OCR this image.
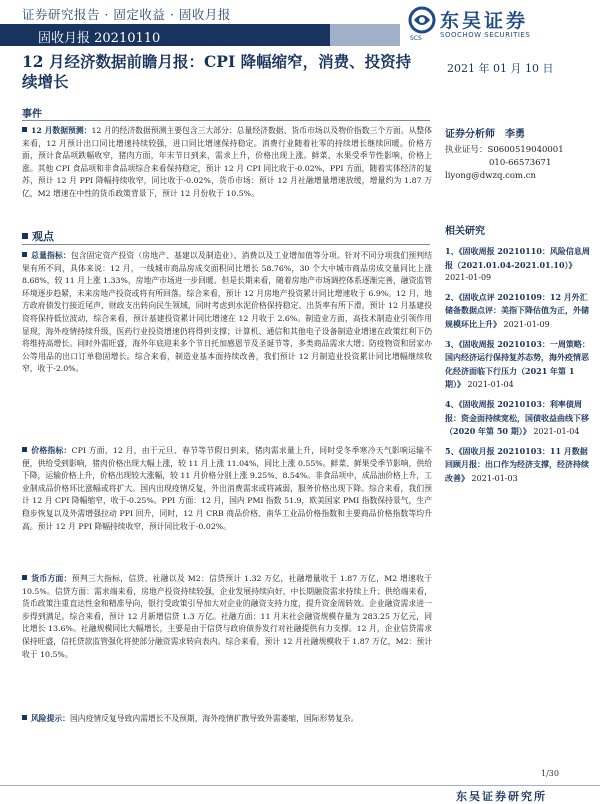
证券研究报告 · 固定收益 · 固收月报
固收月报 20210110	SCS
东吴证券
SOOCHOW SECURITIES
12 月经济数据前瞻月报：CPI 降幅缩窄，消费、投资持续增长
2021 年 01 月 10 日
事件
12 月数据预测：12 月的经济数据预测主要包含三大部分：总量经济数据、货币市场以及物价指数三个方面。从整体来看，12 月预计出口同比增速持续较强，进口同比增速保持稳定。消费行业随着社零的持续增长继续回暖。价格方面，预计食品项跌幅收窄，猪肉方面，年末节日到来，需求上升，价格出现上涨。鲜菜、水果受季节性影响，价格上涨。其他 CPI 食品项和非食品项综合来看保持稳定，预计 12 月 CPI 同比收于-0.02%，PPI 方面，随着实体经济的复苏，预计 12 月 PPI 降幅持续收窄，同比收于-0.02%，货币市场：预计 12 月社融增量增速放缓，增量约为 1.87 万亿，M2 增速在中性的货币政策背景下，预计 12 月份收于 10.5%。
观点
总量指标：包含固定资产投资（房地产、基建以及制造业）、消费以及工业增加值等分项。针对不同分项我们预判结果有所不同，具体来说：12 月，一线城市商品房成交面积同比增长 58.76%，30 个大中城市商品房成交量同比上涨 8.68%，较 11 月上涨 1.33%，房地产市场进一步回暖。但是长期来看，随着房地产市场调控体系逐渐完善，融资监管环境逐步趋紧，未来房地产投资或将有所回落。综合来看，预计 12 月房地产投资累计同比增速收于 6.9%。12 月，地方政府债发行接近尾声，财政支出转向民生领域，同时考虑到水泥价格保持稳定、出货率有所下滑，预计 12 月基建投资将保持低位波动，综合来看，预计基建投资累计同比增速在 12 月收于 2.6%。制造业方面，高技术制造业引领作用显现，海外疫情持续升级，医药行业投资增速仍将得到支撑；计算机、通信和其他电子设备制造业增速在政策红利下仍将维持高增长。同时外需旺盛，海外年底迎来多个节日托加感恩节及圣诞节等，多类商品需求大增；防疫物资和居家办公等用品的出口订单稳固增长。综合来看，制造业基本面持续改善，我们预计 12 月制造业投资累计同比增幅继续收窄，收于-2.0%。
价格指标：CPI 方面，12 月，由于元旦、春节等节假日到来，猪肉需求量上升，同时受冬季寒冷天气影响运输不便，供给受到影响，猪肉价格出现大幅上涨，较 11 月上涨 11.04%，同比上涨 0.55%。鲜菜、鲜果受季节影响，供给下降，运输价格上升，价格出现较大涨幅，较 11 月价格分别上涨 9.25%、8.54%。非食品项中，成品油价格上升，工业制成品价格环比涨幅或将扩大。国内出现疫情反复，外出消费需求或将减弱，服务价格出现下降。综合来看，我们预计 12 月 CPI 降幅缩窄，收于-0.25%。PPI 方面：12 月，国内 PMI 指数 51.9，欧美国家 PMI 指数保持景气，生产稳步恢复以及外需增强拉动 PPI 回升，同时，12 月 CRB 商品价格、南华工业品价格指数和主要商品价格指数等均升高。预计 12 月 PPI 降幅持续收窄，预计同比收于-0.02%。
货币方面：预判三大指标，信贷、社融以及 M2：信贷预计 1.32 万亿，社融增量收于 1.87 万亿，M2 增速收于 10.5%。信贷方面：需求端来看，房地产投资持续较强，企业发展持续向好，中长期融资需求持续上升；供给端来看，货币政策注重直达性金和精准导向，银行受政策引导加大对企业的融资支持力度，提升资金周转效。企业融资需求进一步得到满足。综合来看，预计 12 月新增信贷 1.3 万亿。社融方面：11 月末社会融资规模存量为 283.25 万亿元，同比增长 13.6%。社融规模同比大幅增长，主要是由于信贷与政府债券发行对社融提供有力支撑。12 月，企业信贷需求保持旺盛，信托贷款监管强化将使部分融资需求转向表内。综合来看，预计 12 月社融规模收于 1.87 万亿，M2：预计收于 10.5%。
风险提示：国内疫情反复导致内需增长不及预期，海外疫情扩散导致外需萎缩，国际形势复杂。
证券分析师　李勇
执业证号：S0600519040001
010-66573671
liyong@dwzq.com.cn
相关研究
1、《固收周报 20210110：风险信息周报（2021.01.04-2021.01.10）》 2021-01-09
2、《固收点评 20210109：12 月外汇储备数据点评：美指下降估值为正，外储规模环比上升》 2021-01-09
3、《固收周报 20210103：一周策略：国内经济运行保持复苏态势，海外疫情恶化经济面临下行压力（2021 年第 1 期）》 2021-01-04
4、《固收周报 20210103：利率债周报：资金面持续宽松，国债收益曲线下移（2020 年第 50 期）》 2021-01-04
5、《固收月报 20210103：11 月数据回顾月报：出口作为经济支撑，经济持续改善》 2021-01-03
1/30
东吴证券研究所
